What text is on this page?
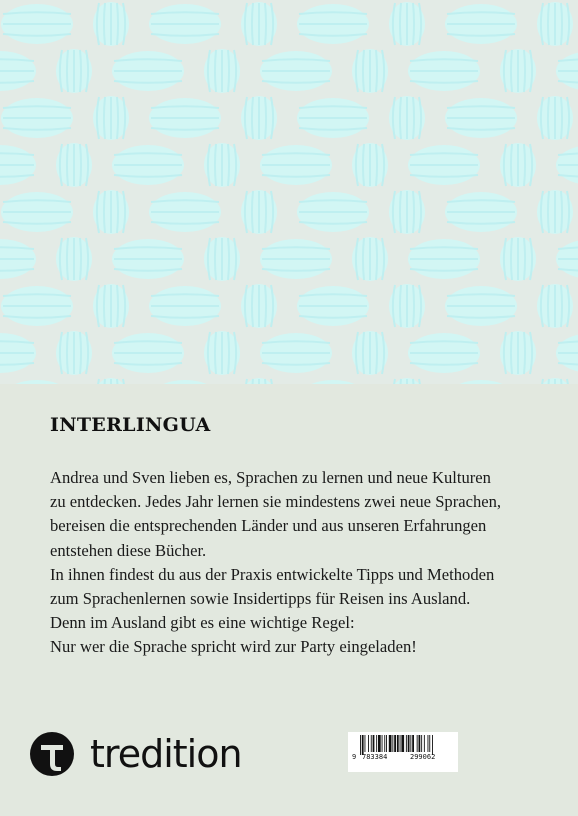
INTERLINGUA
Andrea und Sven lieben es, Sprachen zu lernen und neue Kulturen
zu entdecken. Jedes Jahr lernen sie mindestens zwei neue Sprachen,
bereisen die entsprechenden Länder und aus unseren Erfahrungen
entstehen diese Bücher.
In ihnen findest du aus der Praxis entwickelte Tipps und Methoden
zum Sprachenlernen sowie Insidertipps für Reisen ins Ausland.
Denn im Ausland gibt es eine wichtige Regel:
Nur wer die Sprache spricht wird zur Party eingeladen!
tredition	9 783384	299062
